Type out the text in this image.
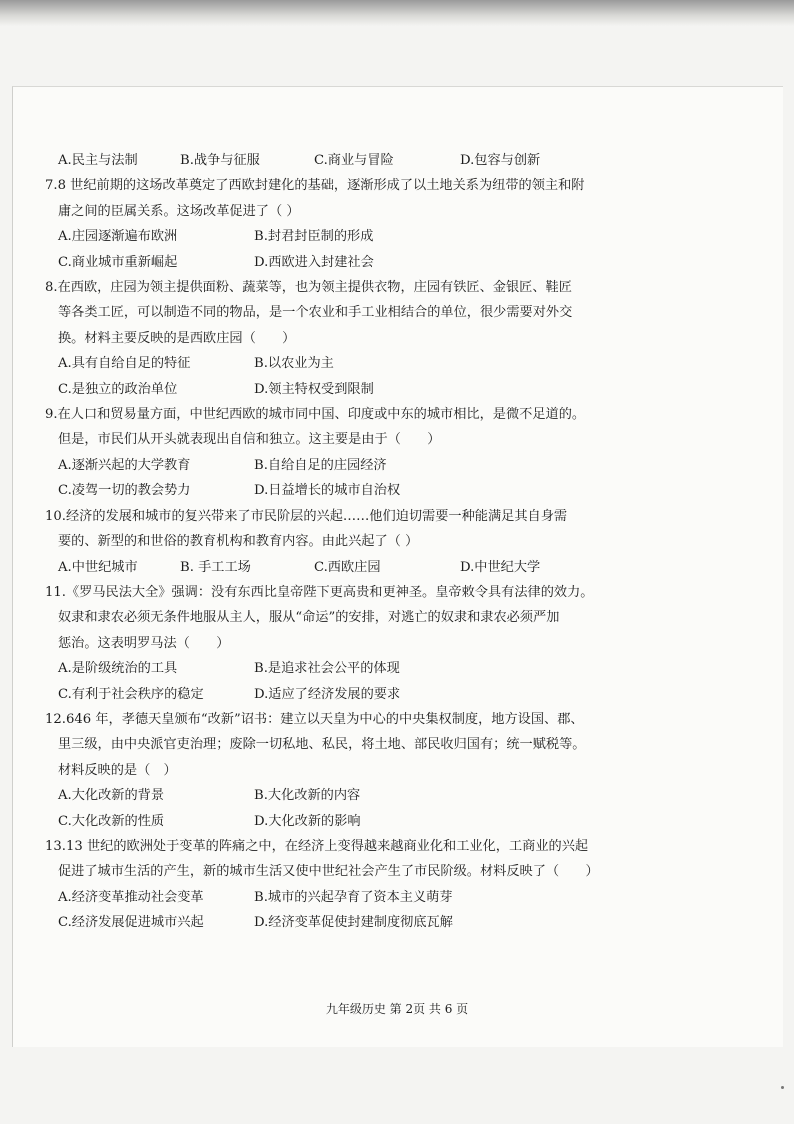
A.民主与法制	B.战争与征服	C.商业与冒险	D.包容与创新
7.8 世纪前期的这场改革奠定了西欧封建化的基础，逐渐形成了以土地关系为纽带的领主和附
庸之间的臣属关系。这场改革促进了（ ）
A.庄园逐渐遍布欧洲	B.封君封臣制的形成
C.商业城市重新崛起	D.西欧进入封建社会
8.在西欧，庄园为领主提供面粉、蔬菜等，也为领主提供衣物，庄园有铁匠、金银匠、鞋匠
等各类工匠，可以制造不同的物品，是一个农业和手工业相结合的单位，很少需要对外交
换。材料主要反映的是西欧庄园（　　）
A.具有自给自足的特征	B.以农业为主
C.是独立的政治单位	D.领主特权受到限制
9.在人口和贸易量方面，中世纪西欧的城市同中国、印度或中东的城市相比，是微不足道的。
但是，市民们从开头就表现出自信和独立。这主要是由于（　　）
A.逐渐兴起的大学教育	B.自给自足的庄园经济
C.凌驾一切的教会势力	D.日益增长的城市自治权
10.经济的发展和城市的复兴带来了市民阶层的兴起……他们迫切需要一种能满足其自身需
要的、新型的和世俗的教育机构和教育内容。由此兴起了（ ）
A.中世纪城市	B. 手工工场	C.西欧庄园	D.中世纪大学
11.《罗马民法大全》强调：没有东西比皇帝陛下更高贵和更神圣。皇帝敕令具有法律的效力。
奴隶和隶农必须无条件地服从主人，服从“命运”的安排，对逃亡的奴隶和隶农必须严加
惩治。这表明罗马法（　　）
A.是阶级统治的工具	B.是追求社会公平的体现
C.有利于社会秩序的稳定	D.适应了经济发展的要求
12.646 年，孝德天皇颁布“改新”诏书：建立以天皇为中心的中央集权制度，地方设国、郡、
里三级，由中央派官吏治理；废除一切私地、私民，将土地、部民收归国有；统一赋税等。
材料反映的是（　）
A.大化改新的背景	B.大化改新的内容
C.大化改新的性质	D.大化改新的影响
13.13 世纪的欧洲处于变革的阵痛之中，在经济上变得越来越商业化和工业化，工商业的兴起
促进了城市生活的产生，新的城市生活又使中世纪社会产生了市民阶级。材料反映了（　　）
A.经济变革推动社会变革	B.城市的兴起孕育了资本主义萌芽
C.经济发展促进城市兴起	D.经济变革促使封建制度彻底瓦解
九年级历史 第 2页 共 6 页
